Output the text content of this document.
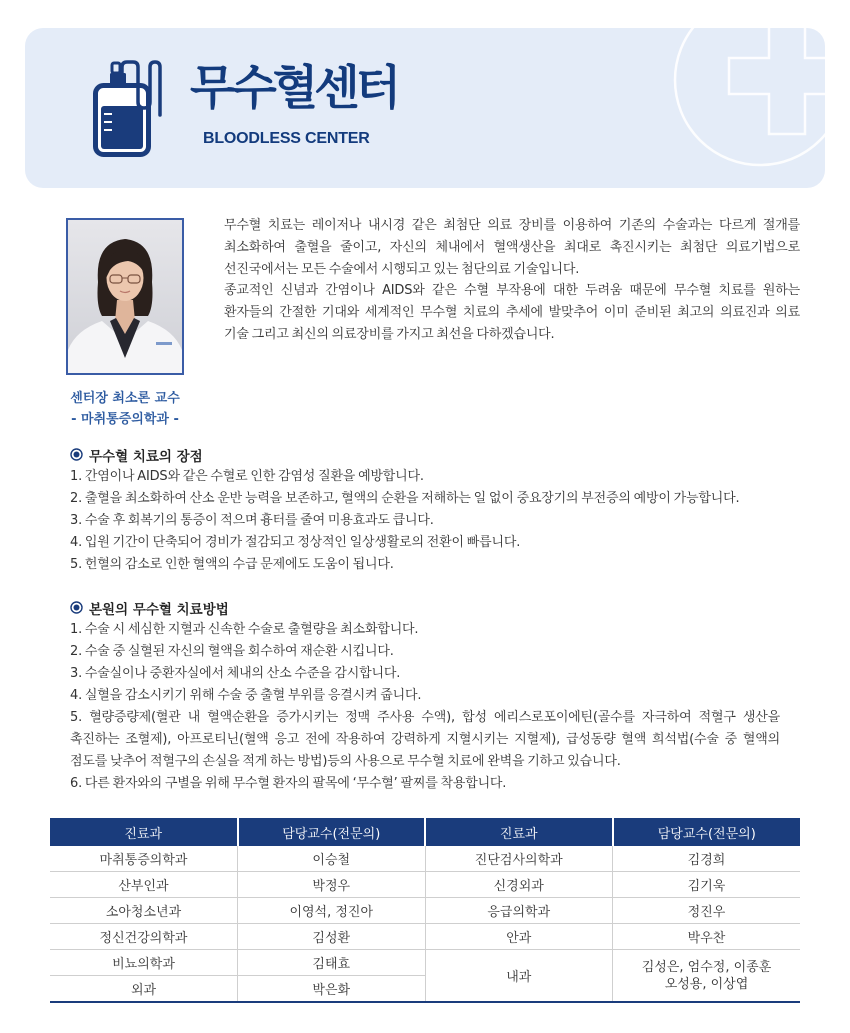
무수혈센터
BLOODLESS CENTER
센터장 최소론 교수
- 마취통증의학과 -
무수혈 치료는 레이저나 내시경 같은 최첨단 의료 장비를 이용하여 기존의 수술과는 다르게 절개를
최소화하여 출혈을 줄이고, 자신의 체내에서 혈액생산을 최대로 촉진시키는 최첨단 의료기법으로
선진국에서는 모든 수술에서 시행되고 있는 첨단의료 기술입니다.
종교적인 신념과 간염이나 AIDS와 같은 수혈 부작용에 대한 두려움 때문에 무수혈 치료를 원하는
환자들의 간절한 기대와 세계적인 무수혈 치료의 추세에 발맞추어 이미 준비된 최고의 의료진과 의료
기술 그리고 최신의 의료장비를 가지고 최선을 다하겠습니다.
무수혈 치료의 장점
1. 간염이나 AIDS와 같은 수혈로 인한 감염성 질환을 예방합니다.
2. 출혈을 최소화하여 산소 운반 능력을 보존하고, 혈액의 순환을 저해하는 일 없이 중요장기의 부전증의 예방이 가능합니다.
3. 수술 후 회복기의 통증이 적으며 흉터를 줄여 미용효과도 큽니다.
4. 입원 기간이 단축되어 경비가 절감되고 정상적인 일상생활로의 전환이 빠릅니다.
5. 헌혈의 감소로 인한 혈액의 수급 문제에도 도움이 됩니다.
본원의 무수혈 치료방법
1. 수술 시 세심한 지혈과 신속한 수술로 출혈량을 최소화합니다.
2. 수술 중 실혈된 자신의 혈액을 회수하여 재순환 시킵니다.
3. 수술실이나 중환자실에서 체내의 산소 수준을 감시합니다.
4. 실혈을 감소시키기 위해 수술 중 출혈 부위를 응결시켜 줍니다.
5. 혈량증량제(혈관 내 혈액순환을 증가시키는 정맥 주사용 수액), 합성 에리스로포이에틴(골수를 자극하여 적혈구 생산을
촉진하는 조혈제), 아프로티닌(혈액 응고 전에 작용하여 강력하게 지혈시키는 지혈제), 급성동량 혈액 희석법(수술 중 혈액의
점도를 낮추어 적혈구의 손실을 적게 하는 방법)등의 사용으로 무수혈 치료에 완벽을 기하고 있습니다.
6. 다른 환자와의 구별을 위해 무수혈 환자의 팔목에 ‘무수혈’ 팔찌를 착용합니다.
진료과	담당교수(전문의)	진료과	담당교수(전문의)
마취통증의학과	이승철	진단검사의학과	김경희
산부인과	박정우	신경외과	김기욱
소아청소년과	이영석, 정진아	응급의학과	정진우
정신건강의학과	김성환	안과	박우찬
비뇨의학과	김태효	내과	김성은, 엄수정, 이종훈
오성용, 이상엽

외과	박은화		
